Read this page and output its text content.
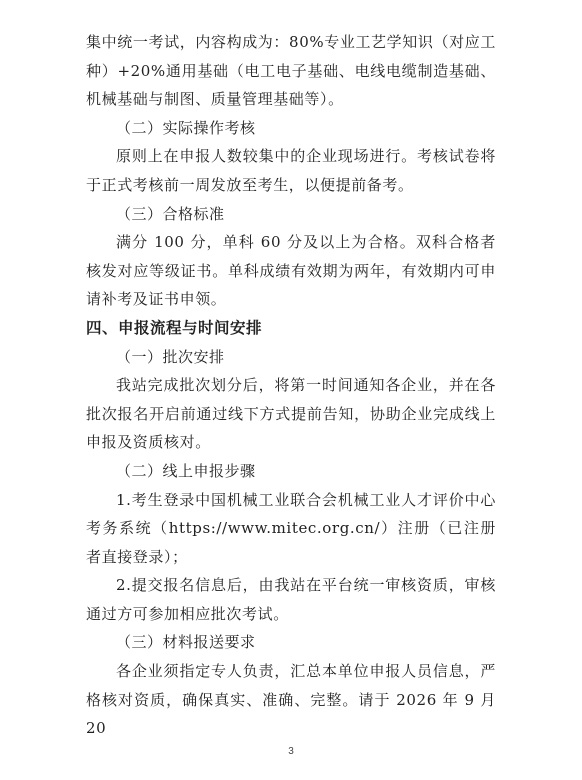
集中统一考试，内容构成为：80%专业工艺学知识（对应工种）+20%通用基础（电工电子基础、电线电缆制造基础、机械基础与制图、质量管理基础等）。

（二）实际操作考核

原则上在申报人数较集中的企业现场进行。考核试卷将于正式考核前一周发放至考生，以便提前备考。

（三）合格标准

满分 100 分，单科 60 分及以上为合格。双科合格者核发对应等级证书。单科成绩有效期为两年，有效期内可申请补考及证书申领。

四、申报流程与时间安排

（一）批次安排

我站完成批次划分后，将第一时间通知各企业，并在各批次报名开启前通过线下方式提前告知，协助企业完成线上申报及资质核对。

（二）线上申报步骤

1.考生登录中国机械工业联合会机械工业人才评价中心考务系统（https://www.mitec.org.cn/）注册（已注册者直接登录）；

2.提交报名信息后，由我站在平台统一审核资质，审核通过方可参加相应批次考试。

（三）材料报送要求

各企业须指定专人负责，汇总本单位申报人员信息，严格核对资质，确保真实、准确、完整。请于 2026 年 9 月 20

3
